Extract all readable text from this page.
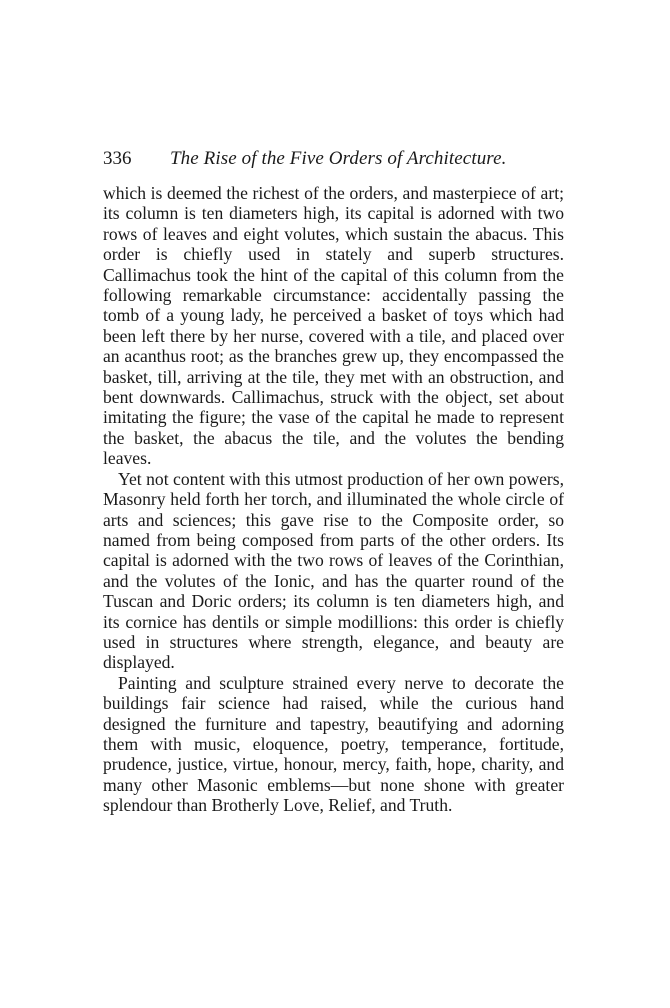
336 The Rise of the Five Orders of Architecture.

which is deemed the richest of the orders, and masterpiece of art; its column is ten diameters high, its capital is adorned with two rows of leaves and eight volutes, which sustain the abacus. This order is chiefly used in stately and superb structures. Callimachus took the hint of the capital of this column from the following remarkable circumstance: accidentally passing the tomb of a young lady, he perceived a basket of toys which had been left there by her nurse, covered with a tile, and placed over an acanthus root; as the branches grew up, they encompassed the basket, till, arriving at the tile, they met with an obstruction, and bent downwards. Callimachus, struck with the object, set about imitating the figure; the vase of the capital he made to represent the basket, the abacus the tile, and the volutes the bending leaves.

Yet not content with this utmost production of her own powers, Masonry held forth her torch, and illuminated the whole circle of arts and sciences; this gave rise to the Composite order, so named from being composed from parts of the other orders. Its capital is adorned with the two rows of leaves of the Corinthian, and the volutes of the Ionic, and has the quarter round of the Tuscan and Doric orders; its column is ten diameters high, and its cornice has dentils or simple modillions: this order is chiefly used in structures where strength, elegance, and beauty are displayed.

Painting and sculpture strained every nerve to decorate the buildings fair science had raised, while the curious hand designed the furniture and tapestry, beautifying and adorning them with music, eloquence, poetry, temperance, fortitude, prudence, justice, virtue, honour, mercy, faith, hope, charity, and many other Masonic emblems—but none shone with greater splendour than Brotherly Love, Relief, and Truth.
